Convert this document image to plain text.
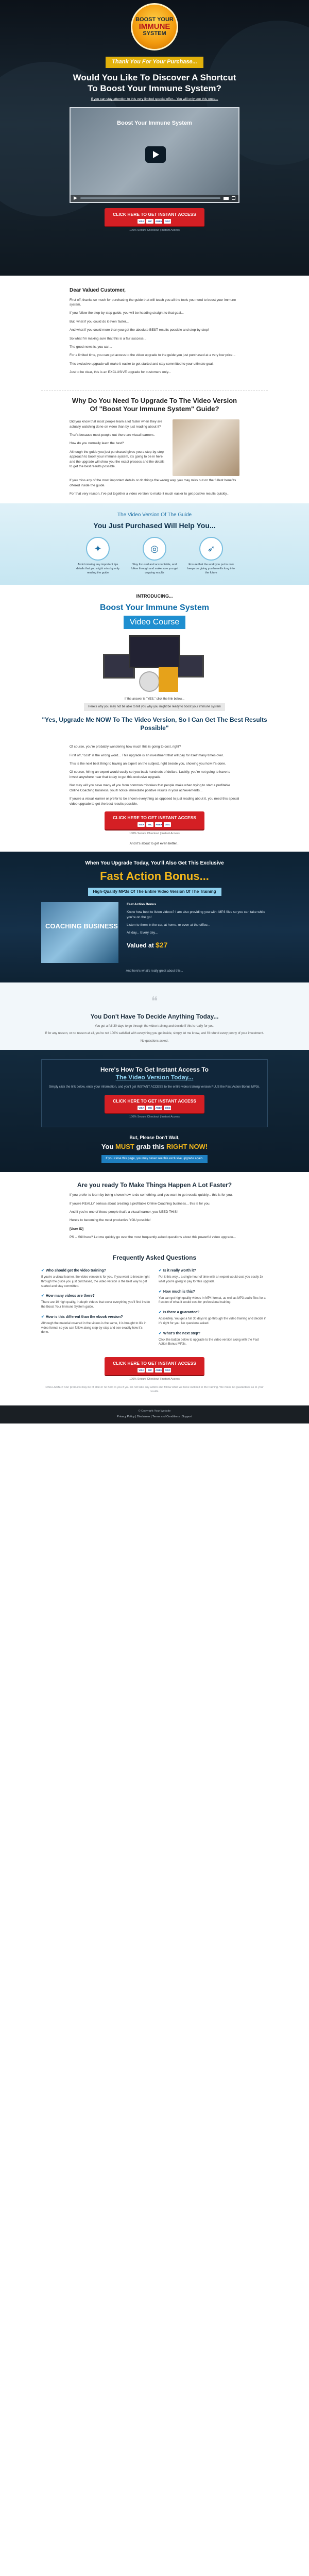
BOOST YOUR
IMMUNE
SYSTEM
Thank You For Your Purchase...
Would You Like To Discover A Shortcut To Boost Your Immune System?
If you can stay attention to this very limited special offer... You will only see this once...
Boost Your Immune System
CLICK HERE TO GET INSTANT ACCESS
VISA	MC	AMEX	DISC
100% Secure Checkout | Instant Access
Dear Valued Customer,

First off, thanks so much for purchasing the guide that will teach you all the tools you need to boost your immune system.

If you follow the step-by-step guide, you will be heading straight to that goal...

But, what if you could do it even faster...

And what if you could more than you get the absolute BEST results possible and step-by-step!

So what I'm making sure that this is a fair success...

The good news is, you can...

For a limited time, you can get access to the video upgrade to the guide you just purchased at a very low price...

This exclusive upgrade will make it easier to get started and stay committed to your ultimate goal.

Just to be clear, this is an EXCLUSIVE upgrade for customers only...

Why Do You Need To Upgrade To The Video Version Of "Boost Your Immune System" Guide?

Did you know that most people learn a lot faster when they are actually watching done on video than by just reading about it?

That's because most people out there are visual learners.

How do you normally learn the best?

Although the guide you just purchased gives you a step-by-step approach to boost your immune system, it's going to be in here and the upgrade will show you the exact process and the details to get the best results possible.

If you miss any of the most important details or do things the wrong way, you may miss out on the fullest benefits offered inside the guide.

For that very reason, I've put together a video version to make it much easier to get positive results quickly...

The Video Version Of The Guide
You Just Purchased Will Help You...
✦

Avoid missing any important tips details that you might miss by only reading the guide

◎

Stay focused and accountable, and follow through and make sure you get ongoing results

➶

Ensure that the work you put in now keeps on giving you benefits long into the future

INTRODUCING...
Boost Your Immune System
Video Course
If the answer is "YES," click the link below...
Here's why you may not be able to tell you why you might be ready to boost your immune system
"Yes, Upgrade Me NOW To The Video Version, So I Can Get The Best Results Possible"

Of course, you're probably wondering how much this is going to cost, right?

First off, "cost" is the wrong word... This upgrade is an investment that will pay for itself many times over.

This is the next best thing to having an expert on the subject, right beside you, showing you how it's done.

Of course, hiring an expert would easily set you back hundreds of dollars. Luckily, you're not going to have to invest anywhere near that today to get this exclusive upgrade.

Nor may will you save many of you from common mistakes that people make when trying to start a profitable Online Coaching business, you'll notice immediate positive results in your achievements...

If you're a visual learner or prefer to be shown everything as opposed to just reading about it, you need this special video upgrade to get the best results possible.

CLICK HERE TO GET INSTANT ACCESS
VISA	MC	AMEX	DISC
100% Secure Checkout | Instant Access
And it's about to get even better...
When You Upgrade Today, You'll Also Get This Exclusive
Fast Action Bonus...
High-Quality MP3s Of The Entire Video Version Of The Training
COACHING BUSINESS

Fast Action Bonus

Know how best to listen videos? I am also providing you with: MP3 files so you can take while you're on the go!

Listen to them in the car, at home, or even at the office...

All day... Every day...

Valued at $27
And here's what's really great about this...
❝
You Don't Have To Decide Anything Today...

You get a full 30 days to go through the video training and decide if this is really for you.

If for any reason, or no reason at all, you're not 100% satisfied with everything you get inside, simply let me know, and I'll refund every penny of your investment.

No questions asked.

Here's How To Get Instant Access To
The Video Version Today...

Simply click the link below, enter your information, and you'll get INSTANT ACCESS to the entire video training version PLUS the Fast Action Bonus MP3s.

CLICK HERE TO GET INSTANT ACCESS
VISA	MC	AMEX	DISC
100% Secure Checkout | Instant Access
But, Please Don't Wait,
You MUST grab this RIGHT NOW!
If you close this page, you may never see this exclusive upgrade again.
Are you ready To Make Things Happen A Lot Faster?

If you prefer to learn by being shown how to do something, and you want to get results quickly... this is for you.

If you're REALLY serious about creating a profitable Online Coaching business... this is for you.

And if you're one of those people that's a visual learner, you NEED THIS!

Here's to becoming the most productive YOU possible!

[User ID]

PS -- Still here? Let me quickly go over the most frequently asked questions about this powerful video upgrade...

Frequently Asked Questions
✔ Who should get the video training?
If you're a visual learner, the video version is for you. If you want to breeze right through the guide you just purchased, the video version is the best way to get started and stay committed.
✔ How many videos are there?
There are 10 high quality, in-depth videos that cover everything you'll find inside the Boost Your Immune System guide.
✔ How is this different than the ebook version?
Although the material covered in the videos is the same, it is brought to life in video format so you can follow along step-by-step and see exactly how it's done.
✔ Is it really worth it?
Put it this way... a single hour of time with an expert would cost you easily 3x what you're going to pay for this upgrade.
✔ How much is this?
You can get high quality videos in MP4 format, as well as MP3 audio files for a fraction of what it would cost for professional training.
✔ Is there a guarantee?
Absolutely. You get a full 30 days to go through the video training and decide if it's right for you. No questions asked.
✔ What's the next step?
Click the button below to upgrade to the video version along with the Fast Action Bonus MP3s.
CLICK HERE TO GET INSTANT ACCESS
VISA	MC	AMEX	DISC
100% Secure Checkout | Instant Access
DISCLAIMER: Our products may be of little or no help to you if you do not take any action and follow what we have outlined in the training. We make no guarantees as to your results.
© Copyright Your Website
Privacy Policy | Disclaimer | Terms and Conditions | Support
